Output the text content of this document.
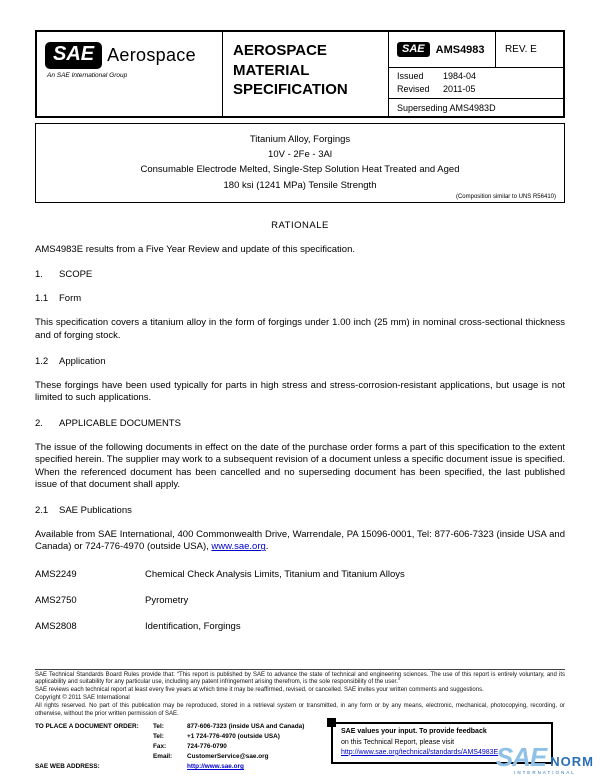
SAE Aerospace
An SAE International Group
AEROSPACE
MATERIAL
SPECIFICATION
SAE	AMS4983	REV. E
Issued	1984-04
Revised	2011-05
Superseding AMS4983D
Titanium Alloy, Forgings
10V - 2Fe - 3Al
Consumable Electrode Melted, Single-Step Solution Heat Treated and Aged
180 ksi (1241 MPa) Tensile Strength
(Composition similar to UNS R56410)
RATIONALE
AMS4983E results from a Five Year Review and update of this specification.
1. SCOPE
1.1 Form
This specification covers a titanium alloy in the form of forgings under 1.00 inch (25 mm) in nominal cross-sectional thickness and of forging stock.
1.2 Application
These forgings have been used typically for parts in high stress and stress-corrosion-resistant applications, but usage is not limited to such applications.
2. APPLICABLE DOCUMENTS
The issue of the following documents in effect on the date of the purchase order forms a part of this specification to the extent specified herein. The supplier may work to a subsequent revision of a document unless a specific document issue is specified. When the referenced document has been cancelled and no superseding document has been specified, the last published issue of that document shall apply.
2.1 SAE Publications
Available from SAE International, 400 Commonwealth Drive, Warrendale, PA 15096-0001, Tel: 877-606-7323 (inside USA and Canada) or 724-776-4970 (outside USA), www.sae.org.
AMS2249	Chemical Check Analysis Limits, Titanium and Titanium Alloys
AMS2750	Pyrometry
AMS2808	Identification, Forgings

SAE Technical Standards Board Rules provide that: “This report is published by SAE to advance the state of technical and engineering sciences. The use of this report is entirely voluntary, and its applicability and suitability for any particular use, including any patent infringement arising therefrom, is the sole responsibility of the user.”

SAE reviews each technical report at least every five years at which time it may be reaffirmed, revised, or cancelled. SAE invites your written comments and suggestions.

Copyright © 2011 SAE International

All rights reserved. No part of this publication may be reproduced, stored in a retrieval system or transmitted, in any form or by any means, electronic, mechanical, photocopying, recording, or otherwise, without the prior written permission of SAE.

TO PLACE A DOCUMENT ORDER:	Tel:	877-606-7323 (inside USA and Canada)
Tel:	+1 724-776-4970 (outside USA)
Fax:	724-776-0790
Email:	CustomerService@sae.org
SAE WEB ADDRESS:	http://www.sae.org
SAE values your input. To provide feedback
on this Technical Report, please visit
http://www.sae.org/technical/standards/AMS4983E
SAE NORM
INTERNATIONAL
